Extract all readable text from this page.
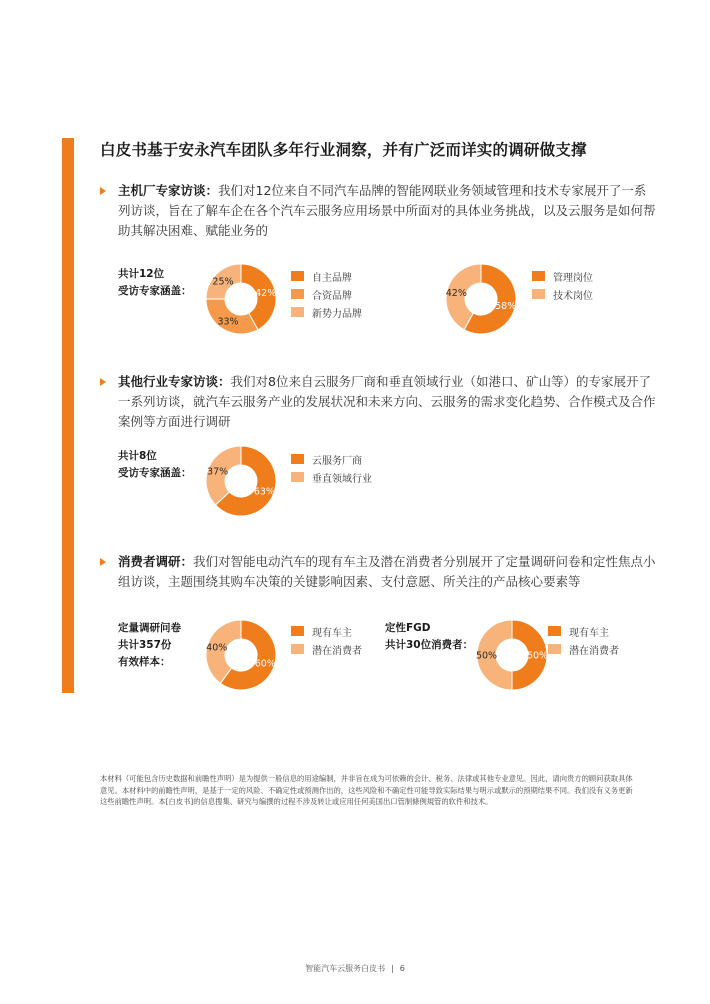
白皮书基于安永汽车团队多年行业洞察，并有广泛而详实的调研做支撑
主机厂专家访谈：我们对12位来自不同汽车品牌的智能网联业务领域管理和技术专家展开了一系列访谈，旨在了解车企在各个汽车云服务应用场景中所面对的具体业务挑战，以及云服务是如何帮助其解决困难、赋能业务的
共计12位
受访专家涵盖：	42%
33%
25%	自主品牌
合资品牌
新势力品牌
58%
42%
管理岗位
技术岗位
其他行业专家访谈：我们对8位来自云服务厂商和垂直领域行业（如港口、矿山等）的专家展开了一系列访谈，就汽车云服务产业的发展状况和未来方向、云服务的需求变化趋势、合作模式及合作案例等方面进行调研
共计8位
受访专家涵盖：
63%
37%
云服务厂商
垂直领域行业
消费者调研：我们对智能电动汽车的现有车主及潜在消费者分别展开了定量调研问卷和定性焦点小组访谈，主题围绕其购车决策的关键影响因素、支付意愿、所关注的产品核心要素等
定量调研问卷
共计357份
有效样本：	60%
40%
现有车主
潜在消费者
定性FGD
共计30位消费者：
50%
50%
现有车主
潜在消费者
本材料（可能包含历史数据和前瞻性声明）是为提供一般信息的用途编制，并非旨在成为可依赖的会计、税务、法律或其他专业意见。因此，请向贵方的顾问获取具体意见。本材料中的前瞻性声明，是基于一定的风险、不确定性或预测作出的，这些风险和不确定性可能导致实际结果与明示或默示的预期结果不同。我们没有义务更新这些前瞻性声明。本[白皮书]的信息搜集、研究与编撰的过程不涉及转让或应用任何美国出口管制條例規管的软件和技术。
智能汽车云服务白皮书 | 6
